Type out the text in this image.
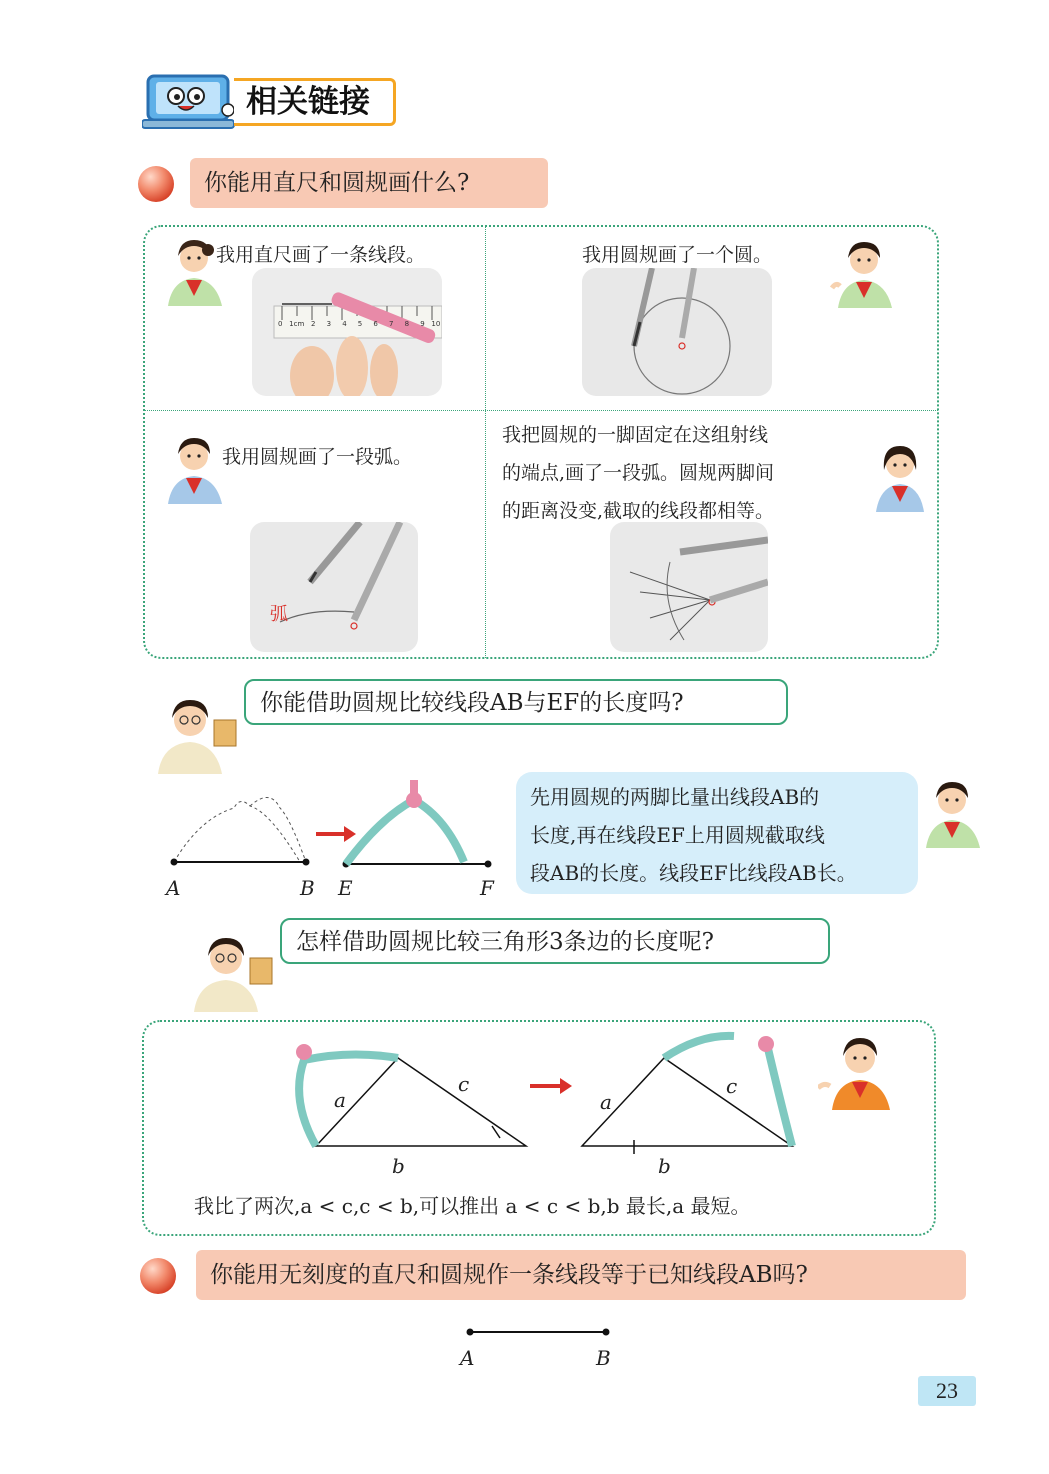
相关链接
你能用直尺和圆规画什么?
我用直尺画了一条线段。
0 1cm 2 3 4 5 6 7 8 9 10
我用圆规画了一个圆。
我用圆规画了一段弧。
弧
我把圆规的一脚固定在这组射线
的端点,画了一段弧。圆规两脚间
的距离没变,截取的线段都相等。
你能借助圆规比较线段AB与EF的长度吗?
A	B E	F
先用圆规的两脚比量出线段AB的
长度,再在线段EF上用圆规截取线
段AB的长度。线段EF比线段AB长。
怎样借助圆规比较三角形3条边的长度呢?
a
c
b
a
c
b
我比了两次,a < c,c < b,可以推出 a < c < b,b 最长,a 最短。
你能用无刻度的直尺和圆规作一条线段等于已知线段AB吗?
A	B
23
